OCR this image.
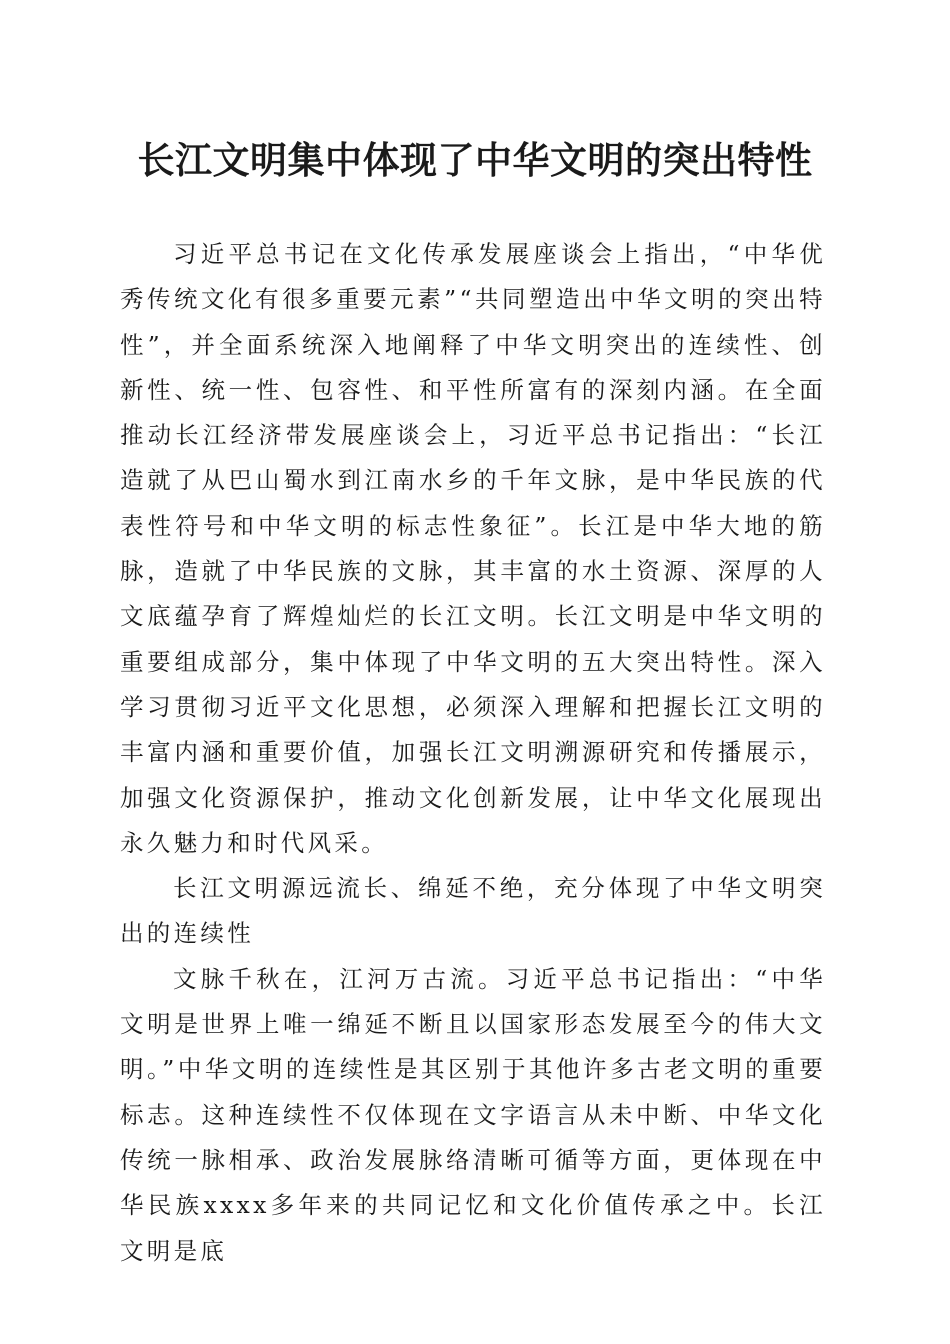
长江文明集中体现了中华文明的突出特性

习近平总书记在文化传承发展座谈会上指出，“中华优秀传统文化有很多重要元素”“共同塑造出中华文明的突出特性”，并全面系统深入地阐释了中华文明突出的连续性、创新性、统一性、包容性、和平性所富有的深刻内涵。在全面推动长江经济带发展座谈会上，习近平总书记指出：“长江造就了从巴山蜀水到江南水乡的千年文脉，是中华民族的代表性符号和中华文明的标志性象征”。长江是中华大地的筋脉，造就了中华民族的文脉，其丰富的水土资源、深厚的人文底蕴孕育了辉煌灿烂的长江文明。长江文明是中华文明的重要组成部分，集中体现了中华文明的五大突出特性。深入学习贯彻习近平文化思想，必须深入理解和把握长江文明的丰富内涵和重要价值，加强长江文明溯源研究和传播展示，加强文化资源保护，推动文化创新发展，让中华文化展现出永久魅力和时代风采。

长江文明源远流长、绵延不绝，充分体现了中华文明突出的连续性

文脉千秋在，江河万古流。习近平总书记指出：“中华文明是世界上唯一绵延不断且以国家形态发展至今的伟大文明。”中华文明的连续性是其区别于其他许多古老文明的重要标志。这种连续性不仅体现在文字语言从未中断、中华文化传统一脉相承、政治发展脉络清晰可循等方面，更体现在中华民族xxxx多年来的共同记忆和文化价值传承之中。长江文明是底
